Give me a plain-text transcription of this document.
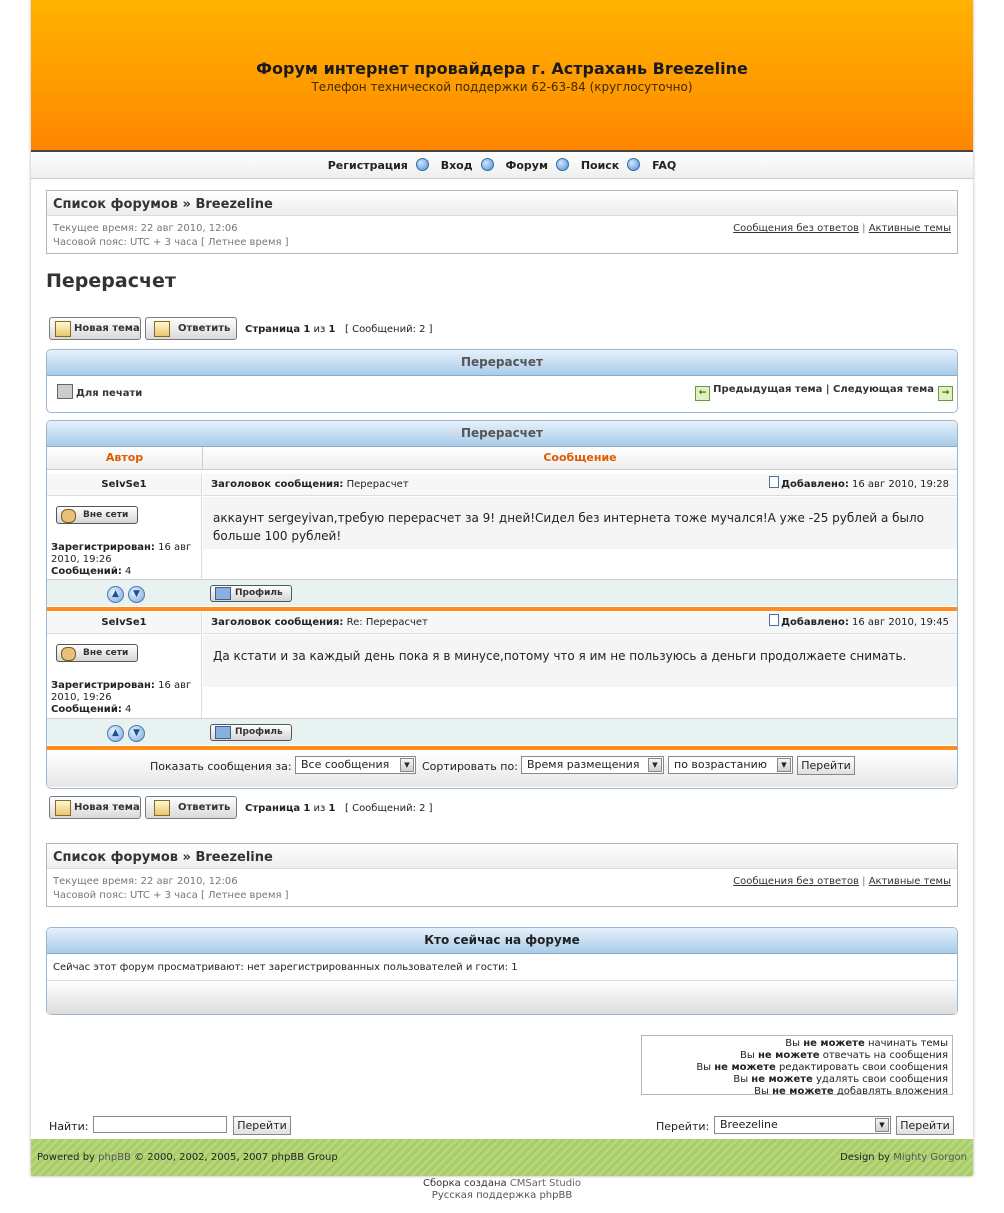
Форум интернет провайдера г. Астрахань Breezeline
Телефон технической поддержки 62-63-84 (круглосуточно)
Регистрация	Вход	Форум	Поиск	FAQ
Список форумов » Breezeline
Текущее время: 22 авг 2010, 12:06
Часовой пояс: UTC + 3 часа [ Летнее время ]
Сообщения без ответов | Активные темы
Перерасчет
Новая тема	Ответить	Страница 1 из 1 [ Сообщений: 2 ]
Перерасчет
Для печати	← Предыдущая тема | Следующая тема →
Перерасчет
Автор	Сообщение
SeIvSe1	Заголовок сообщения: Перерасчет	Добавлено: 16 авг 2010, 19:28
Вне сети
Зарегистрирован: 16 авг 2010, 19:26
Сообщений: 4
аккаунт sergeyivan,требую перерасчет за 9! дней!Сидел без интернета тоже мучался!А уже -25 рублей а было больше 100 рублей!
▲	▼	Профиль
SeIvSe1	Заголовок сообщения: Re: Перерасчет	Добавлено: 16 авг 2010, 19:45
Вне сети
Зарегистрирован: 16 авг 2010, 19:26
Сообщений: 4
Да кстати и за каждый день пока я в минусе,потому что я им не пользуюсь а деньги продолжаете снимать.
▲	▼	Профиль
Показать сообщения за: Все сообщения	▼	Сортировать по: Время размещения	▼	по возрастанию	▼	Перейти
Новая тема	Ответить	Страница 1 из 1 [ Сообщений: 2 ]
Список форумов » Breezeline
Текущее время: 22 авг 2010, 12:06
Часовой пояс: UTC + 3 часа [ Летнее время ]
Сообщения без ответов | Активные темы
Кто сейчас на форуме
Сейчас этот форум просматривают: нет зарегистрированных пользователей и гости: 1
Вы не можете начинать темы
Вы не можете отвечать на сообщения
Вы не можете редактировать свои сообщения
Вы не можете удалять свои сообщения
Вы не можете добавлять вложения
Найти:	Перейти	Перейти: Breezeline	▼	Перейти
Powered by phpBB © 2000, 2002, 2005, 2007 phpBB Group	Design by Mighty Gorgon
Сборка создана CMSart Studio
Русская поддержка phpBB
